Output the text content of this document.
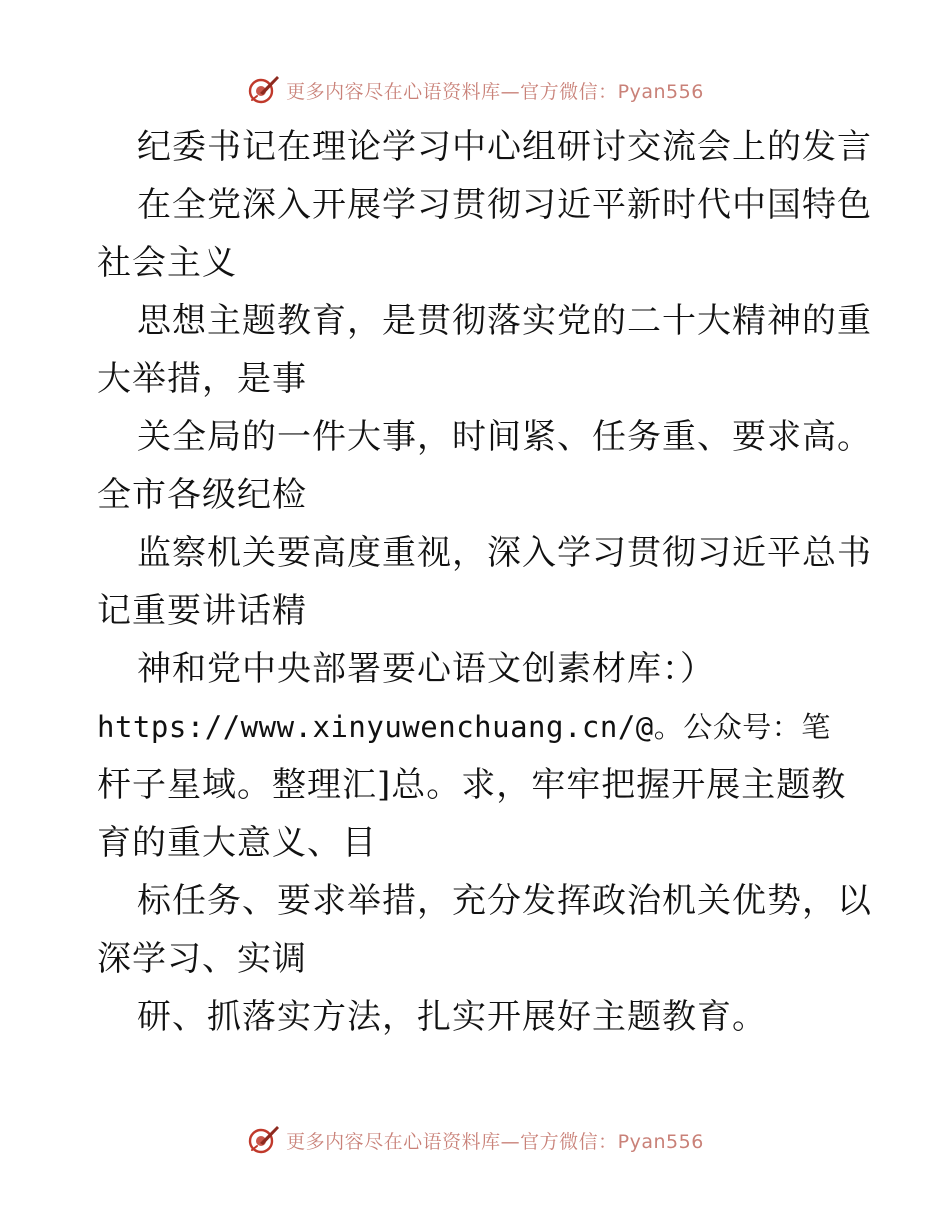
更多内容尽在心语资料库—官方微信：Pyan556
纪委书记在理论学习中心组研讨交流会上的发言
在全党深入开展学习贯彻习近平新时代中国特色
社会主义
思想主题教育，是贯彻落实党的二十大精神的重
大举措，是事
关全局的一件大事，时间紧、任务重、要求高。
全市各级纪检
监察机关要高度重视，深入学习贯彻习近平总书
记重要讲话精
神和党中央部署要心语文创素材库：）
https://www.xinyuwenchuang.cn/@。公众号：笔
杆子星域。整理汇]总。求，牢牢把握开展主题教
育的重大意义、目
标任务、要求举措，充分发挥政治机关优势，以
深学习、实调
研、抓落实方法，扎实开展好主题教育。
更多内容尽在心语资料库—官方微信：Pyan556
